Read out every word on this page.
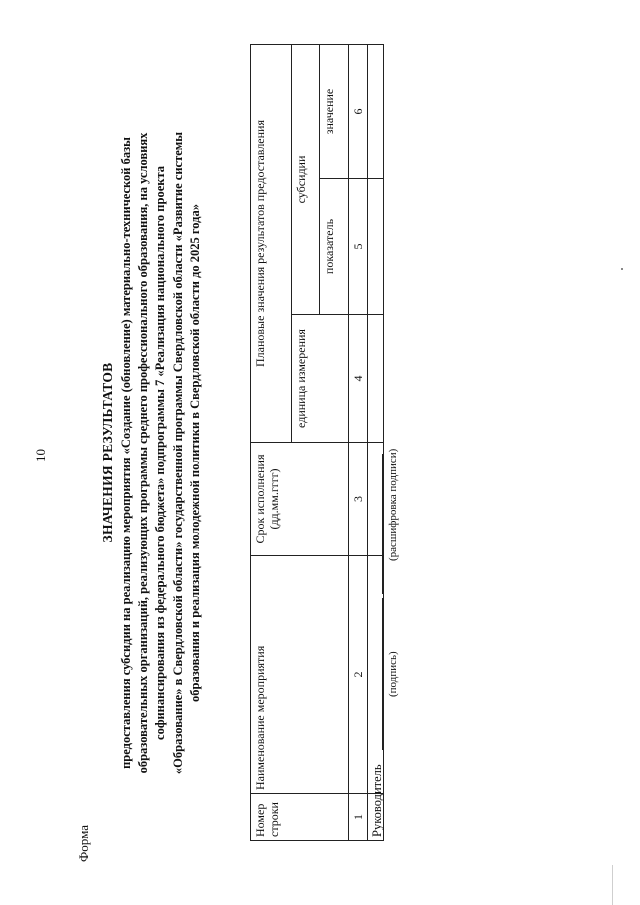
10
Форма
ЗНАЧЕНИЯ РЕЗУЛЬТАТОВ предоставления субсидии на реализацию мероприятия «Создание (обновление) материально-технической базы образовательных организаций, реализующих программы среднего профессионального образования, на условиях софинансирования из федерального бюджета» подпрограммы 7 «Реализация национального проекта «Образование» в Свердловской области» государственной программы Свердловской области «Развитие системы образования и реализация молодежной политики в Свердловской области до 2025 года»
Номер строки	Наименование мероприятия	Срок исполнения (дд.мм.гггг)	Плановые значения результатов предоставления		
			единица измерения	субсидии	
				показатель	значение
1	2	3	4	5	6

Руководитель
(подпись)
(расшифровка подписи)
